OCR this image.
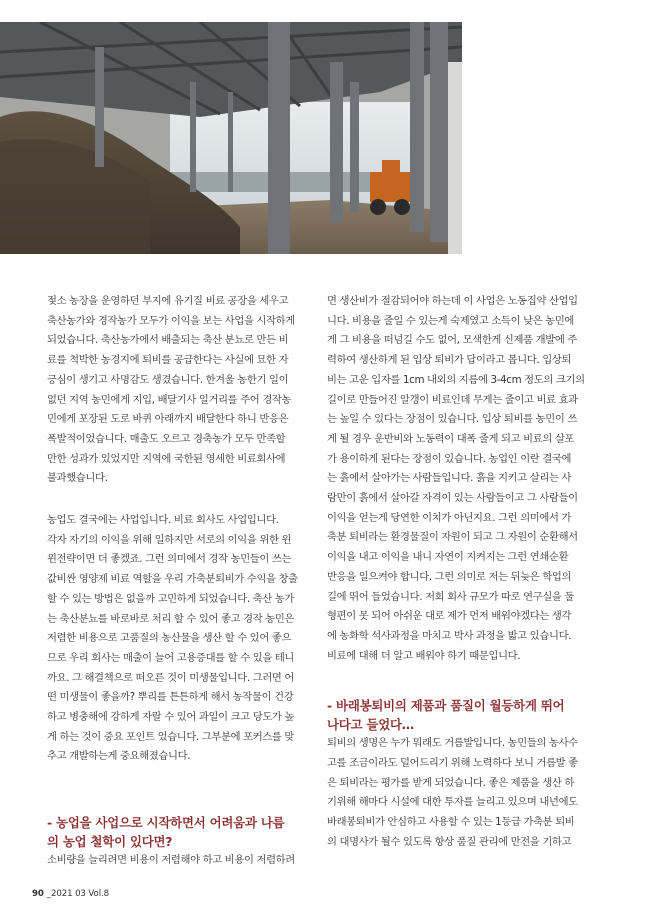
젖소 농장을 운영하던 부지에 유기질 비료 공장을 세우고
축산농가와 경작농가 모두가 이익을 보는 사업을 시작하게
되었습니다. 축산농가에서 배출되는 축산 분뇨로 만든 비
료를 척박한 농경지에 퇴비를 공급한다는 사실에 묘한 자
긍심이 생기고 사명감도 생겼습니다. 한겨울 농한기 일이
없던 지역 농민에게 지입, 배달기사 일거리를 주어 경작농
민에게 포장된 도로 바퀴 아래까지 배달한다 하니 반응은
폭발적이었습니다. 매출도 오르고 경축농가 모두 만족할
만한 성과가 있었지만 지역에 국한된 영세한 비료회사에
불과했습니다.

농업도 결국에는 사업입니다. 비료 회사도 사업입니다.
각자 자기의 이익을 위해 일하지만 서로의 이익을 위한 윈
윈전략이면 더 좋겠죠. 그런 의미에서 경작 농민들이 쓰는
값비싼 영양제 비료 역할을 우리 가축분퇴비가 수익을 창출
할 수 있는 방법은 없을까 고민하게 되었습니다. 축산 농가
는 축산분뇨를 바로바로 처리 할 수 있어 좋고 경작 농민은
저렴한 비용으로 고품질의 농산물을 생산 할 수 있어 좋으
므로 우리 회사는 매출이 늘어 고용증대를 할 수 있을 테니
까요. 그 해결책으로 떠오른 것이 미생물입니다. 그러면 어
떤 미생물이 좋을까? 뿌리를 튼튼하게 해서 농작물이 건강
하고 병충해에 강하게 자랄 수 있어 과일이 크고 당도가 높
게 하는 것이 중요 포인트 었습니다. 그부분에 포커스를 맞
추고 개발하는게 중요해졌습니다.

- 농업을 사업으로 시작하면서 어려움과 나름
의 농업 철학이 있다면?

소비량을 늘리려면 비용이 저렴해야 하고 비용이 저렴하려

면 생산비가 절감되어야 하는데 이 사업은 노동집약 산업입
니다. 비용을 줄일 수 있는게 숙제였고 소득이 낮은 농민에
게 그 비용을 떠넘길 수도 없어, 모색한게 신제품 개발에 주
력하여 생산하게 된 입상 퇴비가 답이라고 봅니다. 입상퇴
비는 고운 입자를 1cm 내외의 지름에 3-4cm 정도의 크기의
길이로 만들어진 알갱이 비료인데 무게는 줄이고 비료 효과
는 높일 수 있다는 장점이 있습니다. 입상 퇴비를 농민이 쓰
게 될 경우 운반비와 노동력이 대폭 줄게 되고 비료의 살포
가 용이하게 된다는 장점이 있습니다. 농업인 이란 결국에
는 흙에서 살아가는 사람들입니다. 흙을 지키고 살리는 사
람만이 흙에서 살아갈 자격이 있는 사람들이고 그 사람들이
이익을 얻는게 당연한 이치가 아닌지요. 그런 의미에서 가
축분 퇴비라는 환경물질이 자원이 되고 그 자원이 순환해서
이익을 내고 이익을 내니 자연이 지켜지는 그런 연쇄순환
반응을 일으켜야 합니다. 그런 의미로 저는 뒤늦은 학업의
길에 뛰어 들었습니다. 저희 회사 규모가 따로 연구실을 둘
형편이 못 되어 아쉬운 대로 제가 먼저 배워야겠다는 생각
에 농화학 석사과정을 마치고 박사 과정을 밟고 있습니다.
비료에 대해 더 알고 배워야 하기 때문입니다.

- 바래봉퇴비의 제품과 품질이 월등하게 뛰어
나다고 들었다…

퇴비의 생명은 누가 뭐래도 거름발입니다. 농민들의 농사수
고를 조금이라도 덜어드리기 위해 노력하다 보니 거름발 좋
은 퇴비라는 평가를 받게 되었습니다. 좋은 제품을 생산 하
기위해 해마다 시설에 대한 투자를 늘리고 있으며 내년에도
바래봉퇴비가 안심하고 사용할 수 있는 1등급 가축분 퇴비
의 대명사가 될수 있도록 항상 품질 관리에 만전을 기하고

90 _2021 03 Vol.8
